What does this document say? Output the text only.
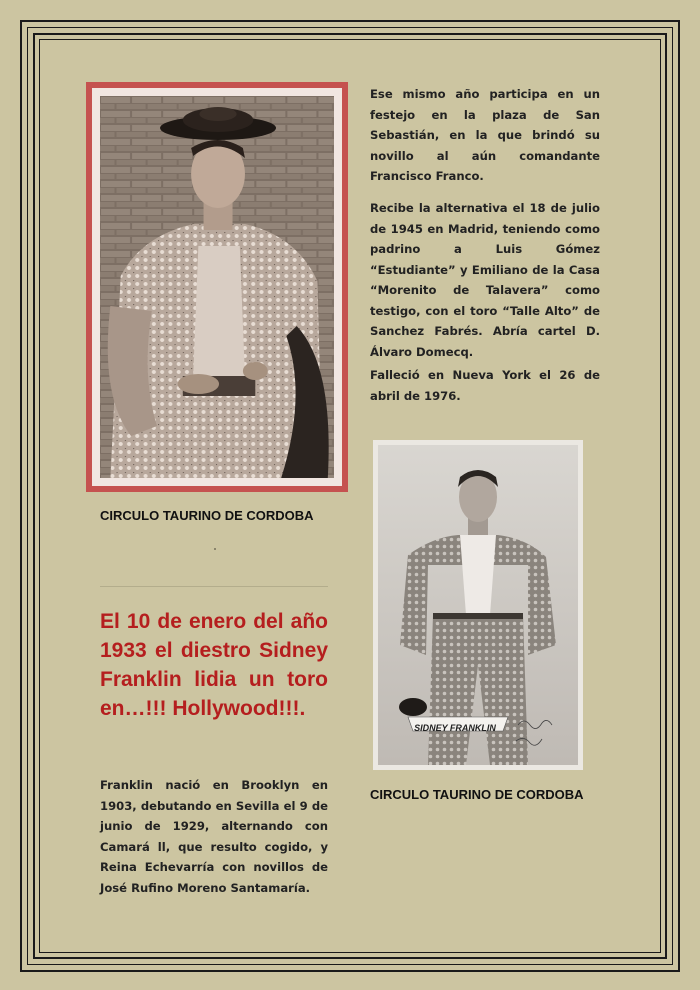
CIRCULO TAURINO DE CORDOBA
El 10 de enero del año 1933 el diestro Sidney Franklin lidia un toro en…!!! Hollywood!!!.

Franklin nació en Brooklyn en 1903, debutando en Sevilla el 9 de junio de 1929, alternando con Camará ll, que resulto cogido, y Reina Echevarría con novillos de José Rufino Moreno Santamaría.

Ese mismo año participa en un festejo en la plaza de San Sebastián, en la que brindó su novillo al aún comandante Francisco Franco.

Recibe la alternativa el 18 de julio de 1945 en Madrid, teniendo como padrino a Luis Gómez “Estudiante” y Emiliano de la Casa “Morenito de Talavera” como testigo, con el toro “Talle Alto” de Sanchez Fabrés. Abría cartel D. Álvaro Domecq.

Falleció en Nueva York el 26 de abril de 1976.

SIDNEY FRANKLIN
CIRCULO TAURINO DE CORDOBA
